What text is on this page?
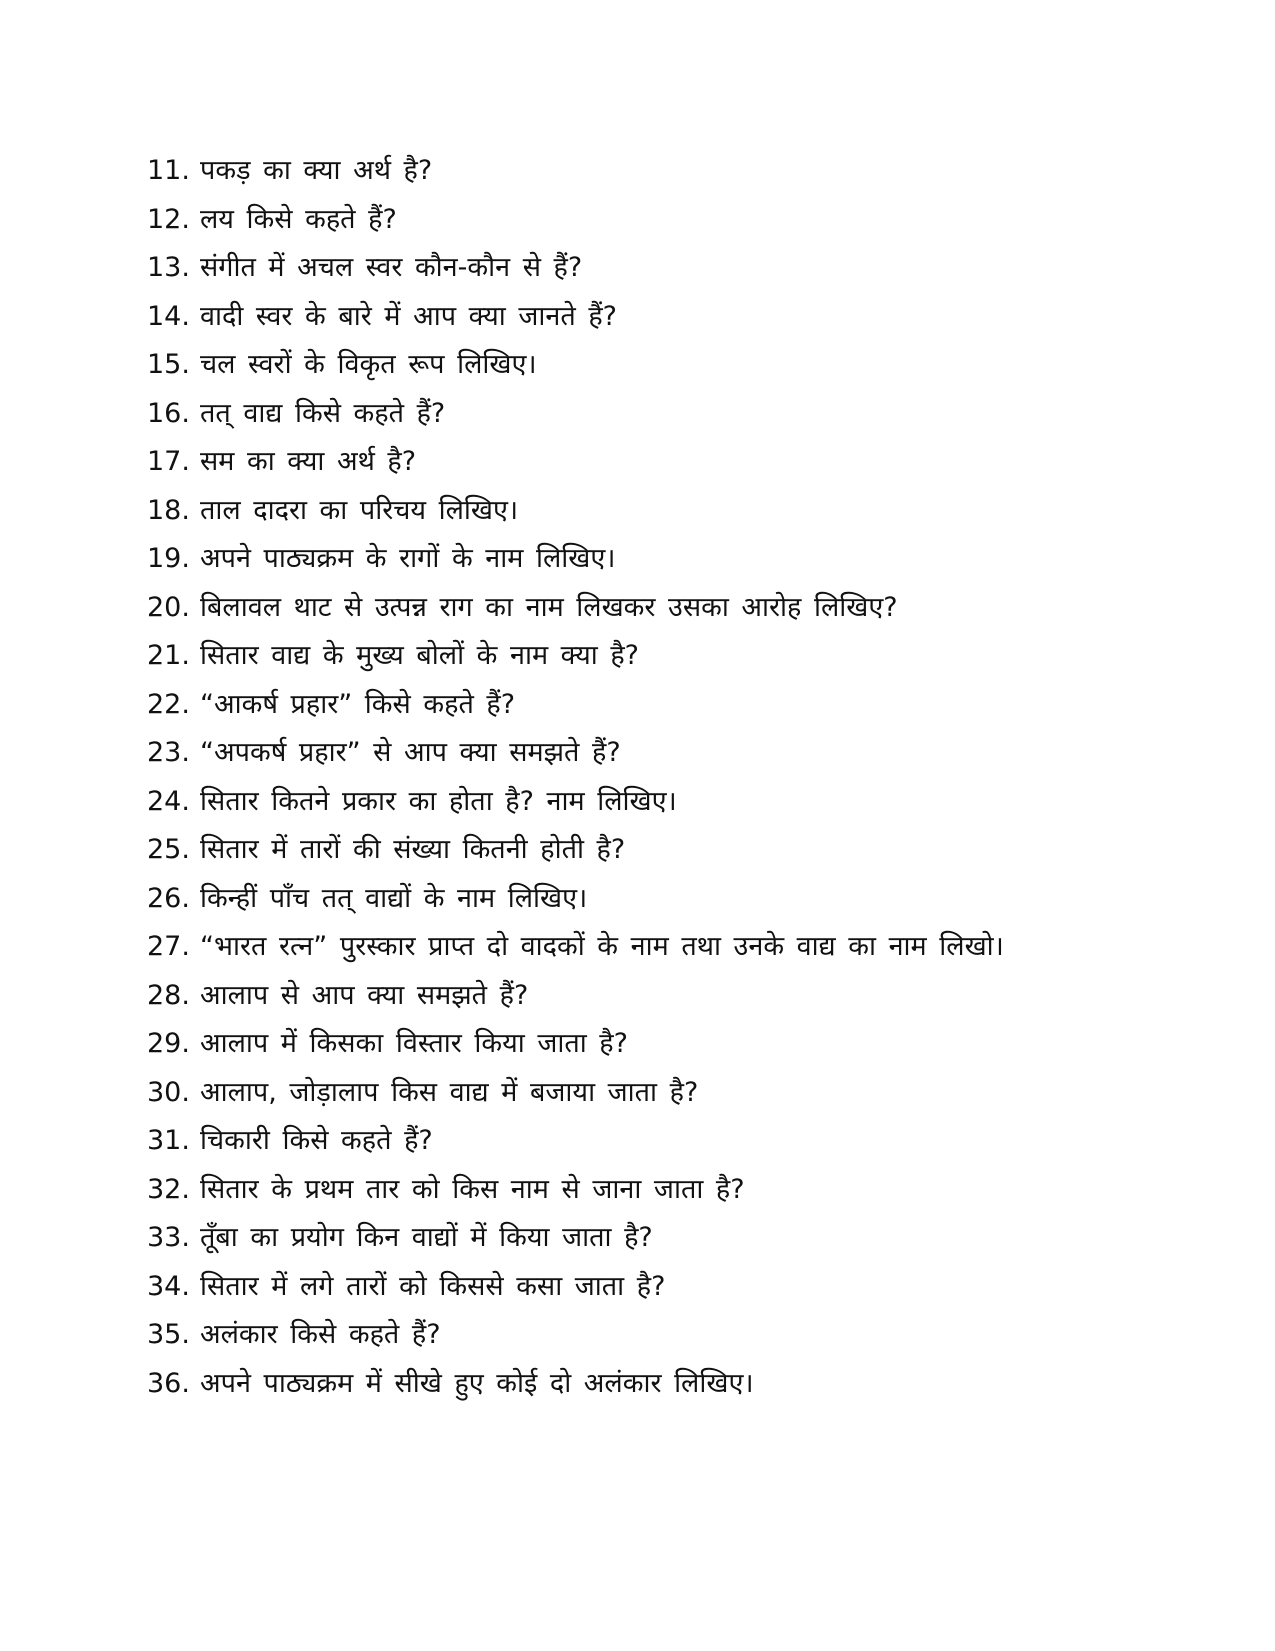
11. पकड़ का क्या अर्थ है?
12. लय किसे कहते हैं?
13. संगीत में अचल स्वर कौन-कौन से हैं?
14. वादी स्वर के बारे में आप क्या जानते हैं?
15. चल स्वरों के विकृत रूप लिखिए।
16. तत् वाद्य किसे कहते हैं?
17. सम का क्या अर्थ है?
18. ताल दादरा का परिचय लिखिए।
19. अपने पाठ्यक्रम के रागों के नाम लिखिए।
20. बिलावल थाट से उत्पन्न राग का नाम लिखकर उसका आरोह लिखिए?
21. सितार वाद्य के मुख्य बोलों के नाम क्या है?
22. “आकर्ष प्रहार” किसे कहते हैं?
23. “अपकर्ष प्रहार” से आप क्या समझते हैं?
24. सितार कितने प्रकार का होता है? नाम लिखिए।
25. सितार में तारों की संख्या कितनी होती है?
26. किन्हीं पाँच तत् वाद्यों के नाम लिखिए।
27. “भारत रत्न” पुरस्कार प्राप्त दो वादकों के नाम तथा उनके वाद्य का नाम लिखो।
28. आलाप से आप क्या समझते हैं?
29. आलाप में किसका विस्तार किया जाता है?
30. आलाप, जोड़ालाप किस वाद्य में बजाया जाता है?
31. चिकारी किसे कहते हैं?
32. सितार के प्रथम तार को किस नाम से जाना जाता है?
33. तूँबा का प्रयोग किन वाद्यों में किया जाता है?
34. सितार में लगे तारों को किससे कसा जाता है?
35. अलंकार किसे कहते हैं?
36. अपने पाठ्यक्रम में सीखे हुए कोई दो अलंकार लिखिए।
